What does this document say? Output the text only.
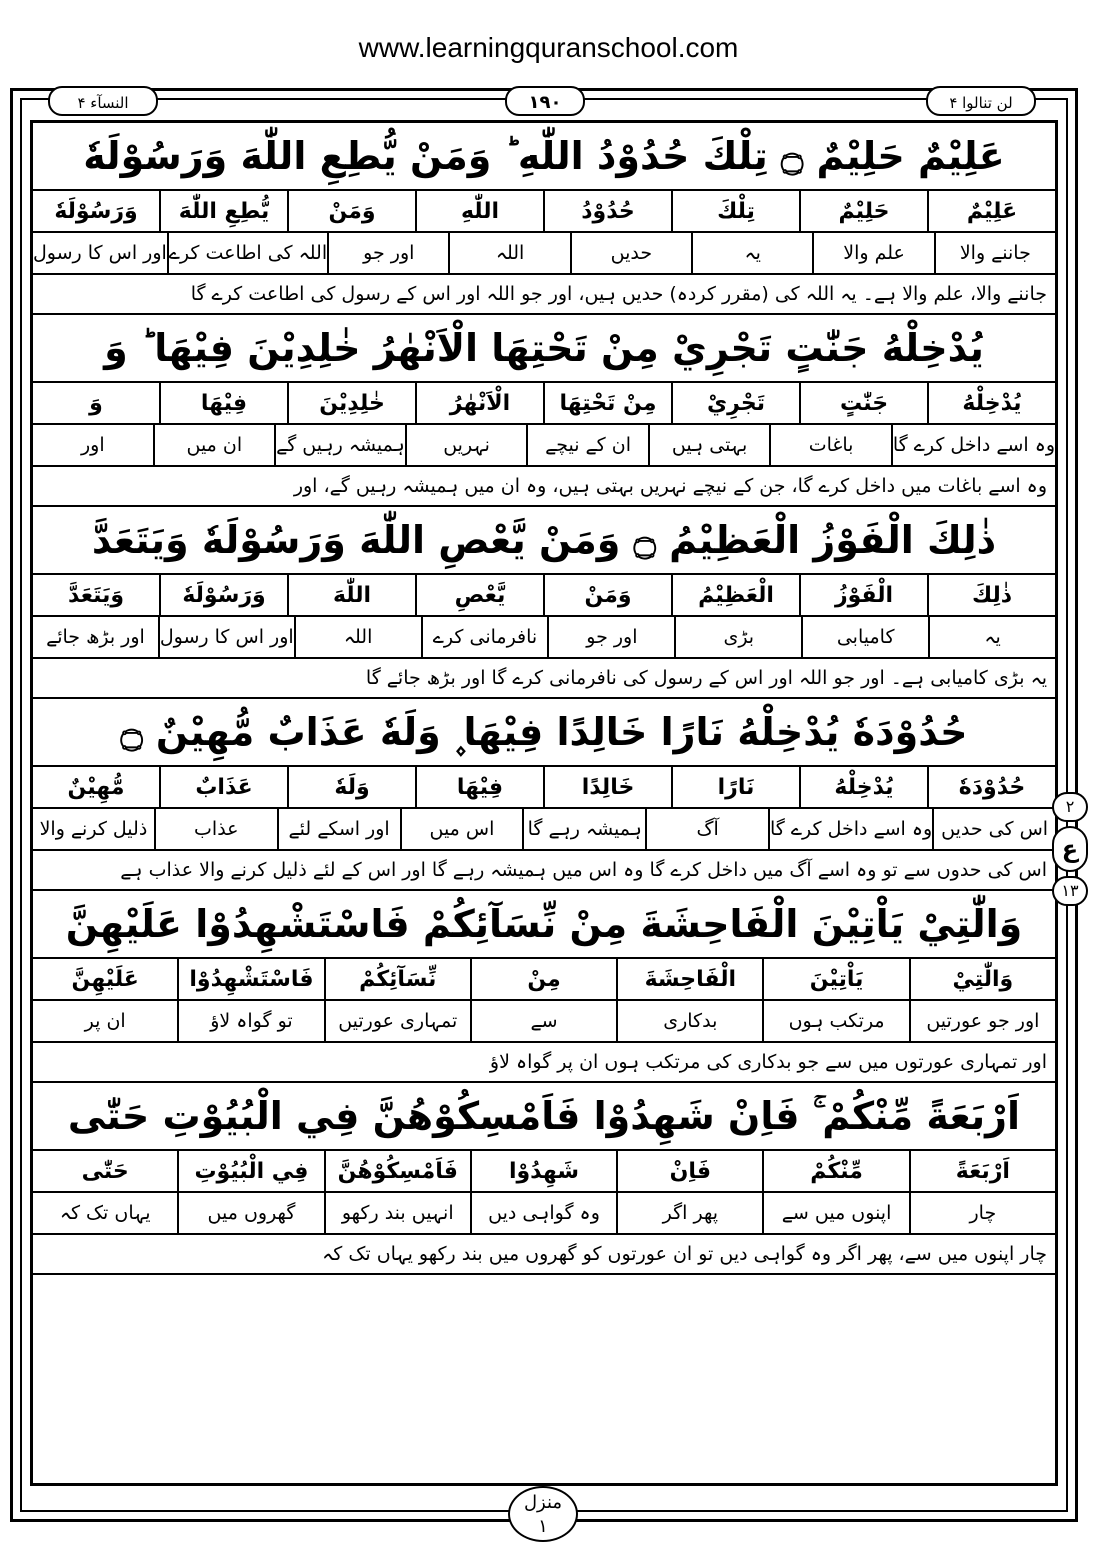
www.learningquranschool.com
لن تنالوا ۴
۱۹۰
النسآء ۴
عَلِيْمٌ حَلِيْمٌ ۝ تِلْكَ حُدُوْدُ اللّٰهِ ؕ وَمَنْ يُّطِعِ اللّٰهَ وَرَسُوْلَهٗ
عَلِيْمٌ
حَلِيْمٌ
تِلْكَ
حُدُوْدُ
اللّٰهِ
وَمَنْ
يُّطِعِ اللّٰهَ
وَرَسُوْلَهٗ
جاننے والا
علم والا
یہ
حدیں
اللہ
اور جو
اللہ کی اطاعت کرے
اور اس کا رسول
جاننے والا، علم والا ہے۔ یہ اللہ کی (مقرر کردہ) حدیں ہیں، اور جو اللہ اور اس کے رسول کی اطاعت کرے گا
يُدْخِلْهُ جَنّٰتٍ تَجْرِيْ مِنْ تَحْتِهَا الْاَنْهٰرُ خٰلِدِيْنَ فِيْهَا ؕ وَ
يُدْخِلْهُ
جَنّٰتٍ
تَجْرِيْ
مِنْ تَحْتِهَا
الْاَنْهٰرُ
خٰلِدِيْنَ
فِيْهَا
وَ
وہ اسے داخل کرے گا
باغات
بہتی ہیں
ان کے نیچے
نہریں
ہمیشہ رہیں گے
ان میں
اور
وہ اسے باغات میں داخل کرے گا، جن کے نیچے نہریں بہتی ہیں، وہ ان میں ہمیشہ رہیں گے، اور
ذٰلِكَ الْفَوْزُ الْعَظِيْمُ ۝ وَمَنْ يَّعْصِ اللّٰهَ وَرَسُوْلَهٗ وَيَتَعَدَّ
ذٰلِكَ
الْفَوْزُ
الْعَظِيْمُ
وَمَنْ
يَّعْصِ
اللّٰهَ
وَرَسُوْلَهٗ
وَيَتَعَدَّ
یہ
کامیابی
بڑی
اور جو
نافرمانی کرے
اللہ
اور اس کا رسول
اور بڑھ جائے
یہ بڑی کامیابی ہے۔ اور جو اللہ اور اس کے رسول کی نافرمانی کرے گا اور بڑھ جائے گا
حُدُوْدَهٗ يُدْخِلْهُ نَارًا خَالِدًا فِيْهَا ۪ وَلَهٗ عَذَابٌ مُّهِيْنٌ ۝
حُدُوْدَهٗ
يُدْخِلْهُ
نَارًا
خَالِدًا
فِيْهَا
وَلَهٗ
عَذَابٌ
مُّهِيْنٌ
اس کی حدیں
وہ اسے داخل کرے گا
آگ
ہمیشہ رہے گا
اس میں
اور اسکے لئے
عذاب
ذلیل کرنے والا
اس کی حدوں سے تو وہ اسے آگ میں داخل کرے گا وہ اس میں ہمیشہ رہے گا اور اس کے لئے ذلیل کرنے والا عذاب ہے
وَالّٰتِيْ يَاْتِيْنَ الْفَاحِشَةَ مِنْ نِّسَآئِكُمْ فَاسْتَشْهِدُوْا عَلَيْهِنَّ
وَالّٰتِيْ
يَاْتِيْنَ
الْفَاحِشَةَ
مِنْ
نِّسَآئِكُمْ
فَاسْتَشْهِدُوْا
عَلَيْهِنَّ
اور جو عورتیں
مرتکب ہوں
بدکاری
سے
تمہاری عورتیں
تو گواہ لاؤ
ان پر
اور تمہاری عورتوں میں سے جو بدکاری کی مرتکب ہوں ان پر گواہ لاؤ
اَرْبَعَةً مِّنْكُمْ ۚ فَاِنْ شَهِدُوْا فَاَمْسِكُوْهُنَّ فِي الْبُيُوْتِ حَتّٰى
اَرْبَعَةً
مِّنْكُمْ
فَاِنْ
شَهِدُوْا
فَاَمْسِكُوْهُنَّ
فِي الْبُيُوْتِ
حَتّٰى
چار
اپنوں میں سے
پھر اگر
وہ گواہی دیں
انہیں بند رکھو
گھروں میں
یہاں تک کہ
چار اپنوں میں سے، پھر اگر وہ گواہی دیں تو ان عورتوں کو گھروں میں بند رکھو یہاں تک کہ
۲
ع
۱۳
منزل
۱
